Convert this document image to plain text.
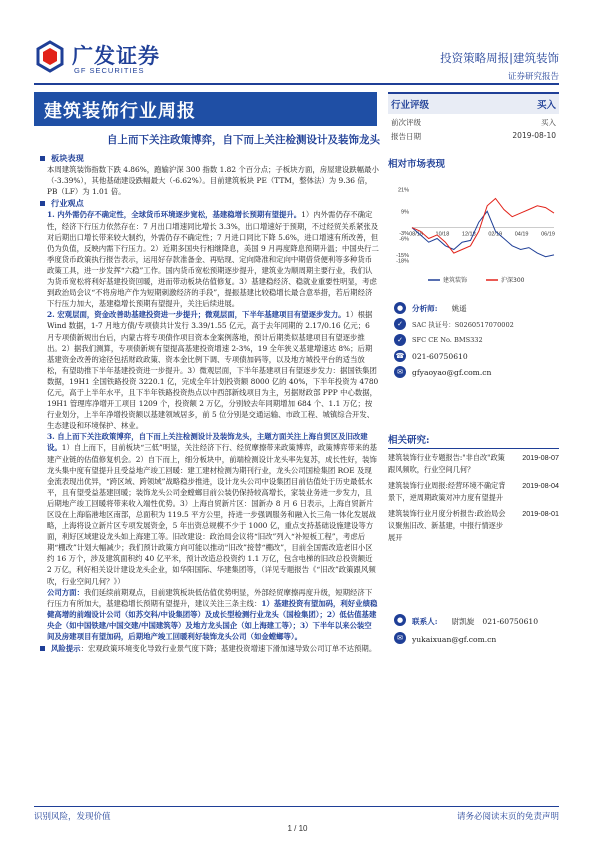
广发证券
GF SECURITIES
投资策略周报|建筑装饰
证券研究报告
建筑装饰行业周报
自上而下关注政策博弈，自下而上关注检测设计及装饰龙头
板块表现

本周建筑装饰指数下跌 4.86%，跑输沪深 300 指数 1.82 个百分点；子板块方面，房屋建设跌幅最小（-3.39%），其他基础建设跌幅最大（-6.62%）。目前建筑板块 PE（TTM，整体法）为 9.36 倍，PB（LF）为 1.01 倍。

行业观点

1. 内外需仍存不确定性，全球货币环境逐步宽松，基建稳增长预期有望提升。1）内外需仍存不确定性，经济下行压力依然存在：7 月出口增速同比增长 3.3%，出口增速好于预期，不过经贸关系紧张及对后期出口增长带来较大制约，外需仍存不确定性；7 月进口同比下降 5.6%，进口增速有所改善，但仍为负值，反映内需下行压力。2）近期多国央行相继降息，美国 9 月再度降息预期升温；中国央行二季度货币政策执行报告表示，运用好存款准备金、再贴现、定向降准和定向中期借贷便利等多种货币政策工具，进一步发挥“六稳”工作。国内货币宽松预期逐步提升，建筑业为顺周期主要行业，我们认为货币宽松将利好基建投资回暖，进而带动板块估值修复。3）基建稳经济、稳就业重要性明显，考虑到政治局会议“不将房地产作为短期刺激经济的手段”，提振基建比较稳增长最合意举措，若后期经济下行压力加大，基建稳增长预期有望提升，关注后续进展。

2. 宏观层面，资金改善助基建投资进一步提升；微观层面，下半年基建项目有望逐步发力。1）根据 Wind 数据，1-7 月地方债/专项债共计发行 3.39/1.55 亿元，高于去年同期的 2.17/0.16 亿元；6 月专项债新规出台后，内蒙古将专项债作项目资本金案例落地，预计后期类似基建项目有望逐步推出。2）据我们测算，专项债新规有望提高基建投资增速 2-3%，19 全年狭义基建增速达 8%；后期基建资金改善的途径包括财政政策、资本金比例下调、专项债加码等，以及地方城投平台的适当放松，有望助推下半年基建投资进一步提升。3）微观层面，下半年基建项目有望逐步发力：据国铁集团数据，19H1 全国铁路投资 3220.1 亿，完成全年计划投资额 8000 亿的 40%，下半年投资为 4780 亿元，高于上半年水平，且下半年铁路投资热点以中西部新线项目为主，另据财政部 PPP 中心数据，19H1 管理库净增开工项目 1209 个，投资额 2 万亿，分别较去年同期增加 684 个、1.1 万亿；按行业划分，上半年净增投资额以基建领域居多，前 5 位分别是交通运输、市政工程、城镇综合开发、生态建设和环境保护、林业。

3. 自上而下关注政策博弈，自下而上关注检测设计及装饰龙头，主题方面关注上海自贸区及旧改建设。1）自上而下，目前板块“三低”明显，关注经济下行、经贸摩擦带来政策博弈，政策博弈带来的基建产业链的估值修复机会。2）自下而上，细分板块中，前端检测设计龙头率先复苏，成长性好，装饰龙头集中度有望提升且受益地产竣工回暖：建工建材检测为期刊行业，龙头公司国检集团 ROE 及现金流表现出优异，“跨区域、跨领域”战略稳步推进，设计龙头公司中设集团目前估值处于历史最低水平，且有望受益基建回暖；装饰龙头公司金螳螂目前公装仍保持较高增长，家装业务进一步发力，且后期地产竣工回暖将带来收入端性优势。3）上海自贸新片区：国新办 8 月 6 日表示，上海自贸新片区设在上海临港地区南部，总面积为 119.5 平方公里，持进一步强调服务和融入长三角一体化发展战略，上海将设立新片区专项发展资金，5 年出资总规模不少于 1000 亿，重点支持基础设施建设等方面，利好区域建设龙头如上海建工等。旧改建设：政治局会议将“旧改”列入“补短板工程”，考虑后期“棚改”计划大幅减少；我们预计政策方向可能以推动“旧改”接替“棚改”，目前全国需改造老旧小区约 16 万个，涉及建筑面积约 40 亿平米，预计改造总投资约 1.1 万亿，包含电梯的旧改总投资额近 2 万亿，利好相关设计建设龙头企业，如华阳国际、华建集团等，（详见专题报告《“旧改”政策跟风频吹，行业空间几何？》）

公司方面：我们延续前期观点，目前建筑板块低估值优势明显，外部经贸摩擦再度升级，短期经济下行压力有所加大，基建稳增长预期有望提升，建议关注三条主线：1）基建投资有望加码，利好业绩稳健高增的前端设计公司（如苏交科/中设集团等）及成长型检测行业龙头（国检集团）；2）低估值基建央企（如中国铁建/中国交建/中国建筑等）及地方龙头国企（如上海建工等）；3）下半年以来公装空间及房建项目有望加码，后期地产竣工回暖利好装饰龙头公司（如金螳螂等）。

风险提示：宏观政策环境变化导致行业景气度下降；基建投资增速下滑加速导致公司订单不达预期。
行业评级	买入
前次评级	买入
报告日期	2019-08-10
相对市场表现
21%
9%
-3%
-15%
-6%
-18%
08/18 10/18 12/18 02/19 04/19 06/19
建筑装饰	沪深300
●	分析师: 姚遥
✓	SAC 执证号：S0260517070002
✓	SFC CE No. BMS332
☎ 021-60750610
✉	gfyaoyao@gf.com.cn
相关研究:
建筑装饰行业专题报告:"非自改"政策跟风频吹，行业空间几何？
2019-08-07
建筑装饰行业周报:经营环境不确定背景下，逆周期政策对冲力度有望提升
2019-08-04
建筑装饰行业月度分析报告:政治局会议聚焦旧改、新基建，中报行情逐步展开
2019-08-01
●	联系人: 尉凯旋 021-60750610
✉	yukaixuan@gf.com.cn
识别风险，发现价值
1 / 10
请务必阅读末页的免责声明
